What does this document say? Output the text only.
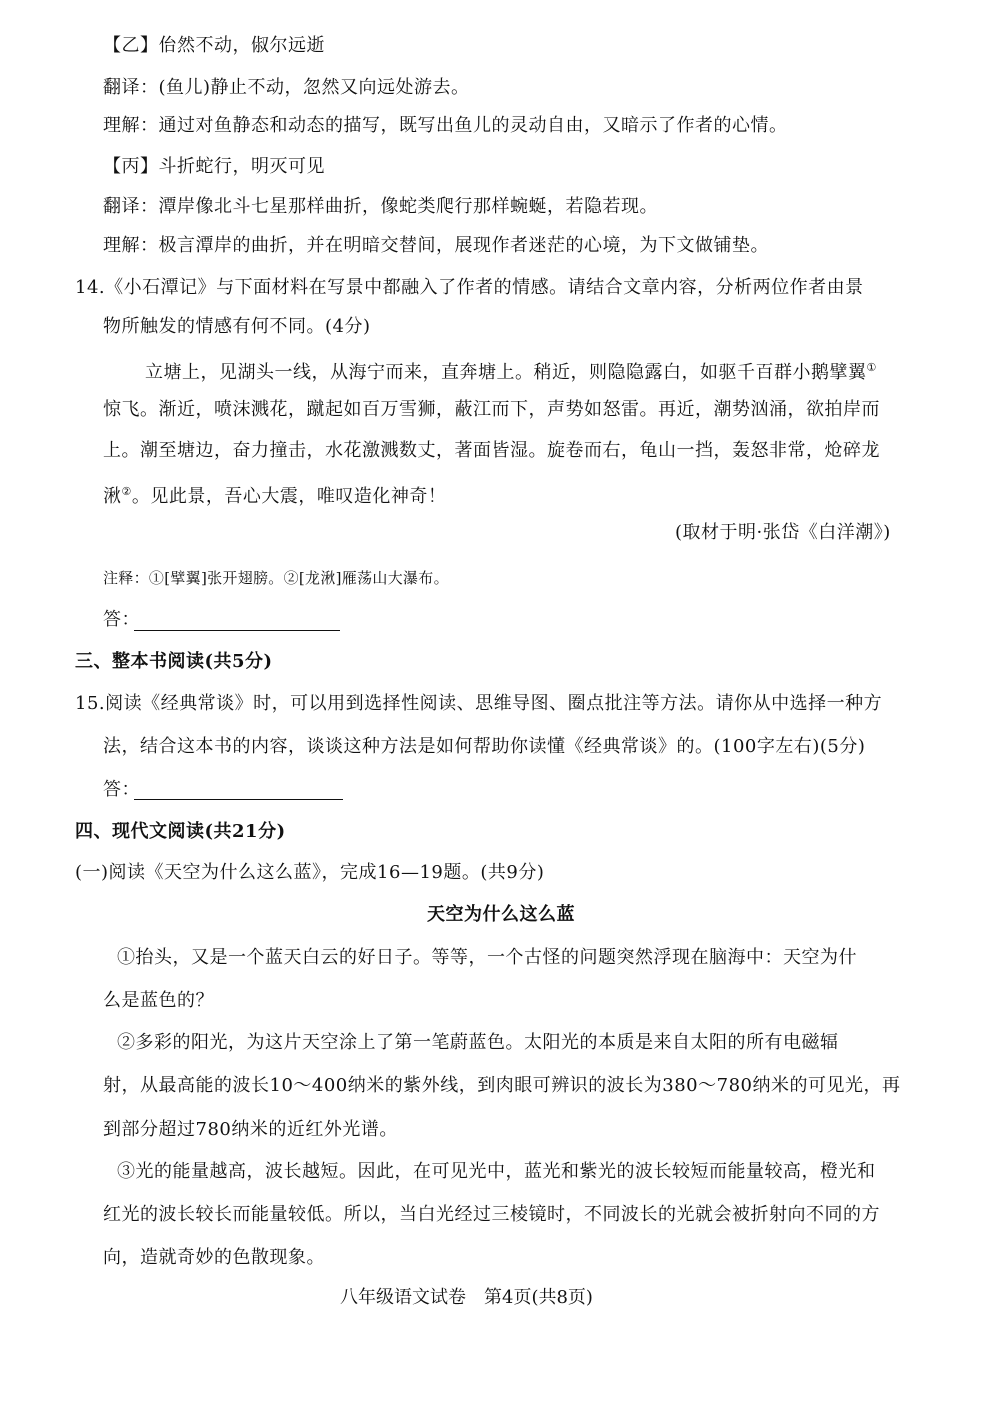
【乙】佁然不动，俶尔远逝
翻译：(鱼儿)静止不动，忽然又向远处游去。
理解：通过对鱼静态和动态的描写，既写出鱼儿的灵动自由，又暗示了作者的心情。
【丙】斗折蛇行，明灭可见
翻译：潭岸像北斗七星那样曲折，像蛇类爬行那样蜿蜒，若隐若现。
理解：极言潭岸的曲折，并在明暗交替间，展现作者迷茫的心境，为下文做铺垫。
14.《小石潭记》与下面材料在写景中都融入了作者的情感。请结合文章内容，分析两位作者由景
物所触发的情感有何不同。(4分)
立塘上，见湖头一线，从海宁而来，直奔塘上。稍近，则隐隐露白，如驱千百群小鹅擘翼①
惊飞。渐近，喷沫溅花，蹴起如百万雪狮，蔽江而下，声势如怒雷。再近，潮势汹涌，欲拍岸而
上。潮至塘边，奋力撞击，水花激溅数丈，著面皆湿。旋卷而右，龟山一挡，轰怒非常，炝碎龙
湫②。见此景，吾心大震，唯叹造化神奇！
(取材于明·张岱《白洋潮》)
注释：①[擘翼]张开翅膀。②[龙湫]雁荡山大瀑布。
答：
三、整本书阅读(共5分)
15.阅读《经典常谈》时，可以用到选择性阅读、思维导图、圈点批注等方法。请你从中选择一种方
法，结合这本书的内容，谈谈这种方法是如何帮助你读懂《经典常谈》的。(100字左右)(5分)
答：
四、现代文阅读(共21分)
(一)阅读《天空为什么这么蓝》，完成16—19题。(共9分)
天空为什么这么蓝
①抬头，又是一个蓝天白云的好日子。等等，一个古怪的问题突然浮现在脑海中：天空为什
么是蓝色的？
②多彩的阳光，为这片天空涂上了第一笔蔚蓝色。太阳光的本质是来自太阳的所有电磁辐
射，从最高能的波长10～400纳米的紫外线，到肉眼可辨识的波长为380～780纳米的可见光，再
到部分超过780纳米的近红外光谱。
③光的能量越高，波长越短。因此，在可见光中，蓝光和紫光的波长较短而能量较高，橙光和
红光的波长较长而能量较低。所以，当白光经过三棱镜时，不同波长的光就会被折射向不同的方
向，造就奇妙的色散现象。
八年级语文试卷　第4页(共8页)
